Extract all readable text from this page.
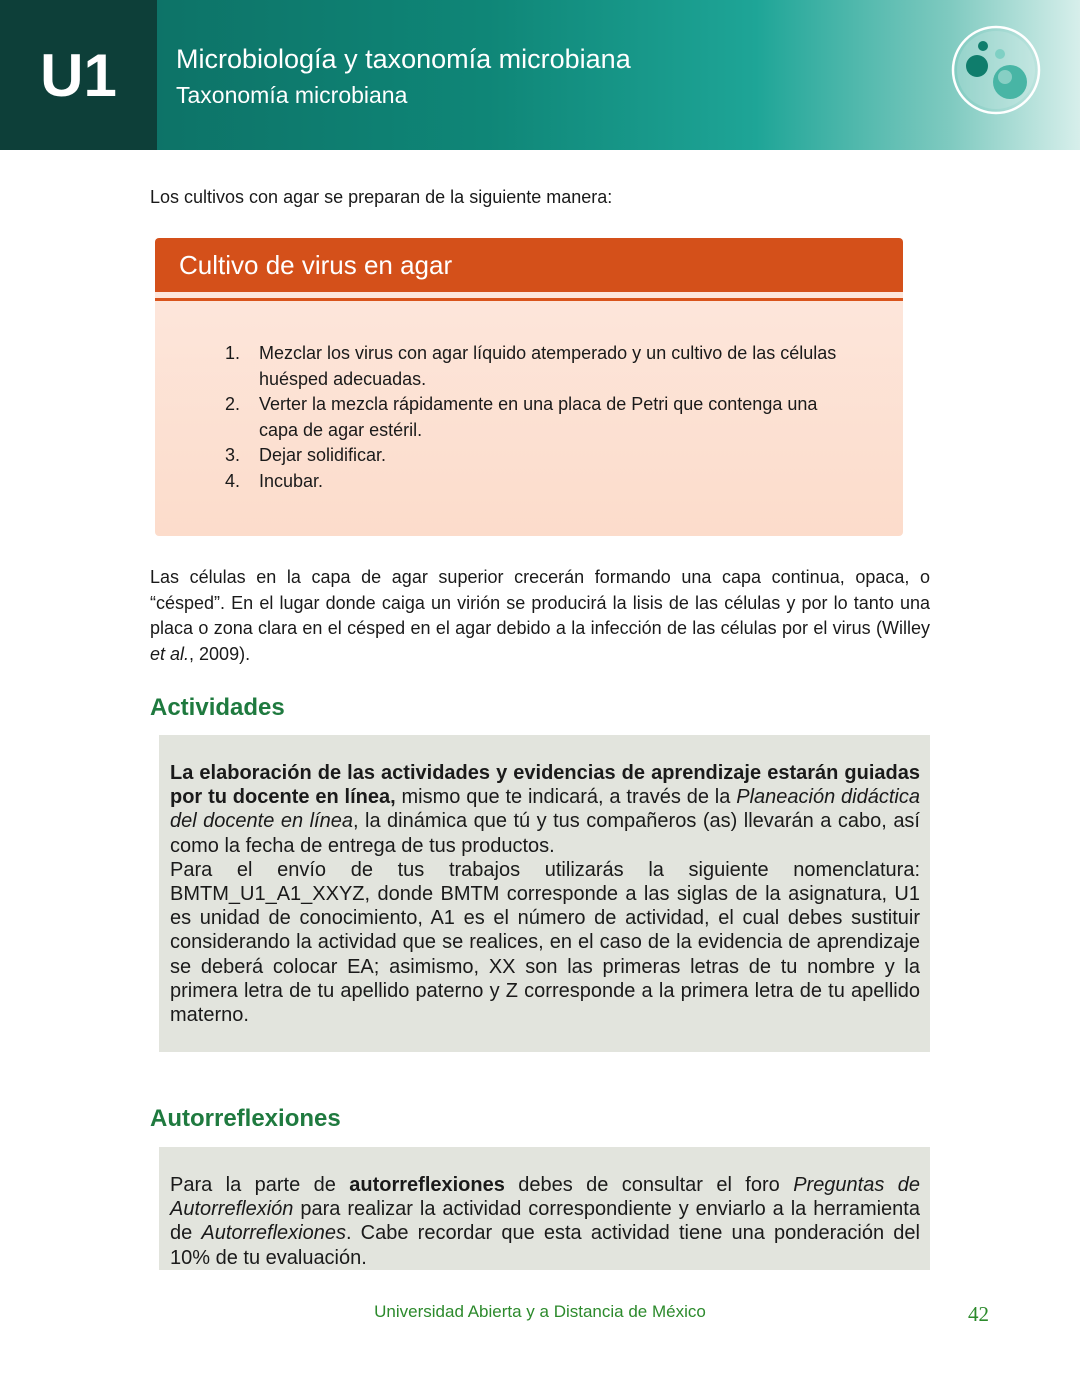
U1	Microbiología y taxonomía microbiana
Taxonomía microbiana
Los cultivos con agar se preparan de la siguiente manera:
Cultivo de virus en agar
1. Mezclar los virus con agar líquido atemperado y un cultivo de las células huésped adecuadas.
2. Verter la mezcla rápidamente en una placa de Petri que contenga una capa de agar estéril.
3. Dejar solidificar.
4. Incubar.
Las células en la capa de agar superior crecerán formando una capa continua, opaca, o “césped”. En el lugar donde caiga un virión se producirá la lisis de las células y por lo tanto una placa o zona clara en el césped en el agar debido a la infección de las células por el virus (Willey et al., 2009).
Actividades
La elaboración de las actividades y evidencias de aprendizaje estarán guiadas por tu docente en línea, mismo que te indicará, a través de la Planeación didáctica del docente en línea, la dinámica que tú y tus compañeros (as) llevarán a cabo, así como la fecha de entrega de tus productos.
Para el envío de tus trabajos utilizarás la siguiente nomenclatura: BMTM_U1_A1_XXYZ, donde BMTM corresponde a las siglas de la asignatura, U1 es unidad de conocimiento, A1 es el número de actividad, el cual debes sustituir considerando la actividad que se realices, en el caso de la evidencia de aprendizaje se deberá colocar EA; asimismo, XX son las primeras letras de tu nombre y la primera letra de tu apellido paterno y Z corresponde a la primera letra de tu apellido materno.
Autorreflexiones
Para la parte de autorreflexiones debes de consultar el foro Preguntas de Autorreflexión para realizar la actividad correspondiente y enviarlo a la herramienta de Autorreflexiones. Cabe recordar que esta actividad tiene una ponderación del 10% de tu evaluación.
Universidad Abierta y a Distancia de México	42
